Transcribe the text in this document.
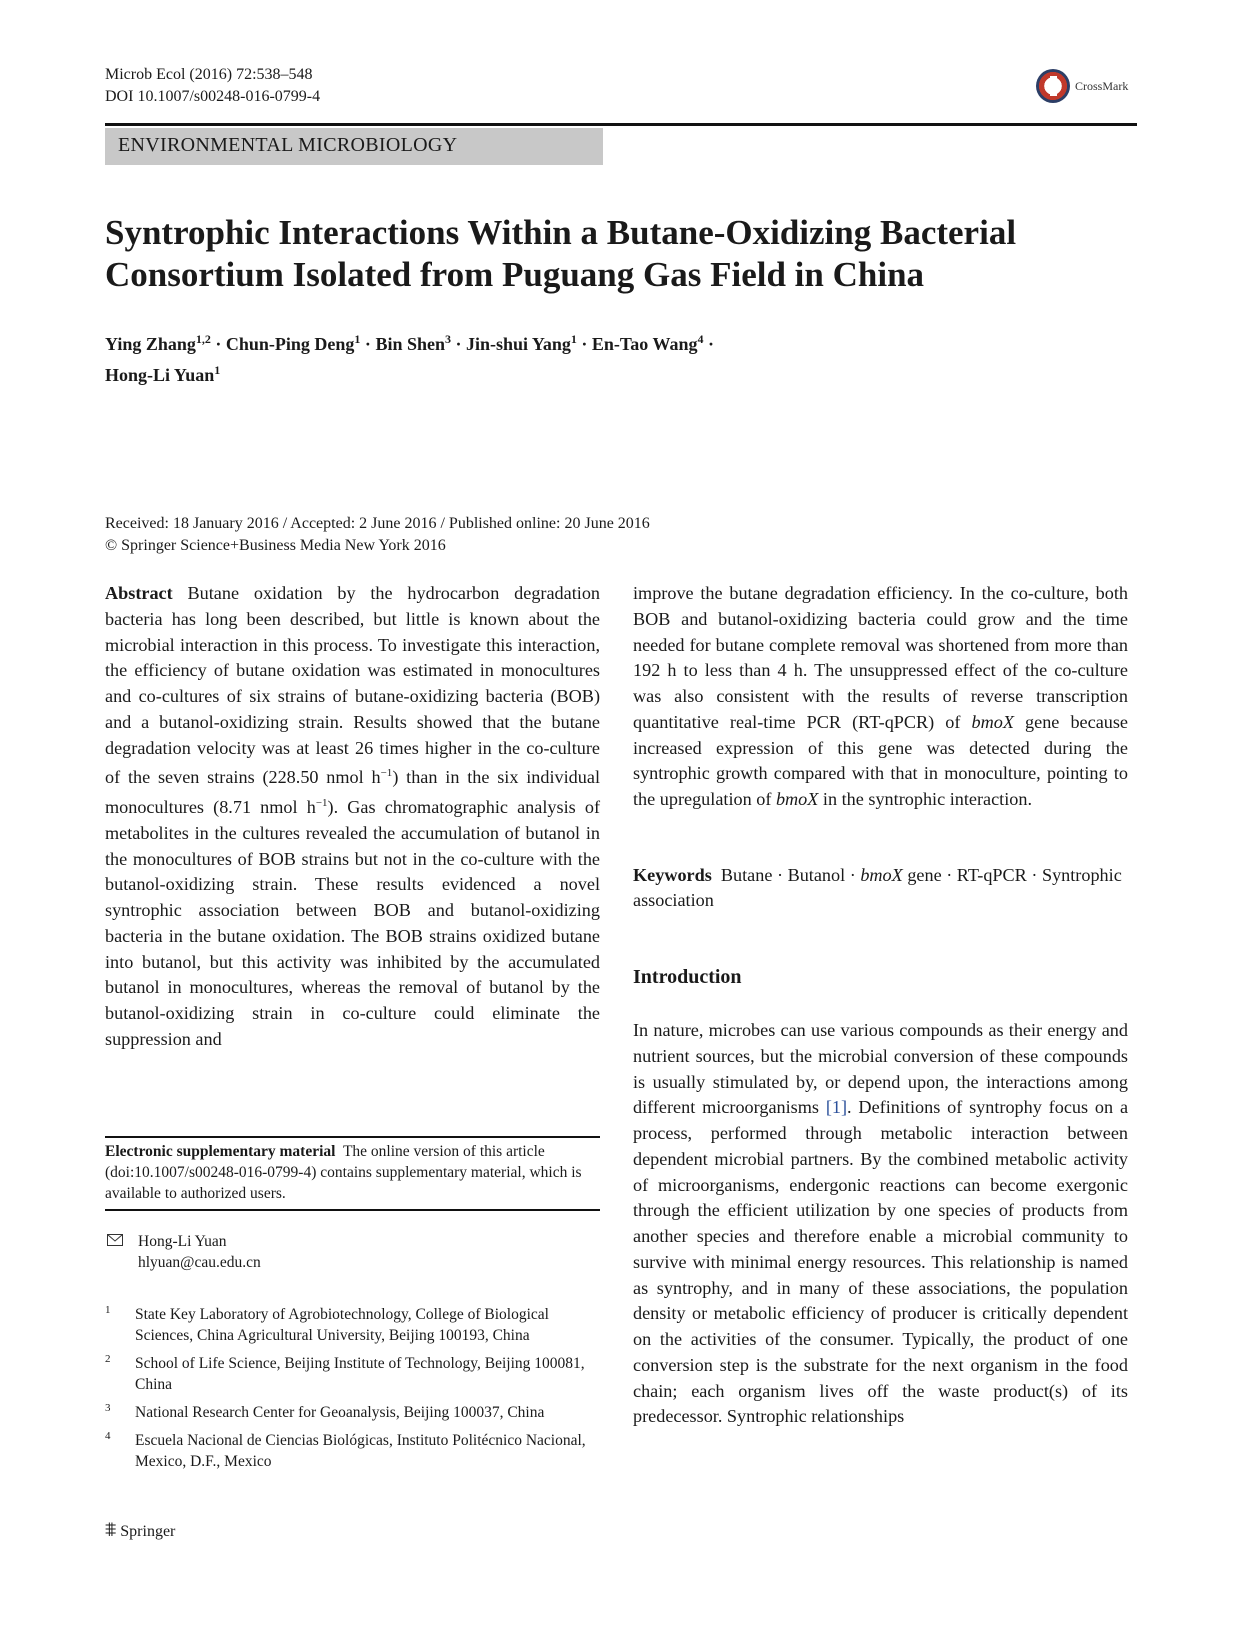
Microb Ecol (2016) 72:538–548
DOI 10.1007/s00248-016-0799-4
CrossMark
ENVIRONMENTAL MICROBIOLOGY
Syntrophic Interactions Within a Butane-Oxidizing Bacterial
Consortium Isolated from Puguang Gas Field in China
Ying Zhang$^{1,2}$ · Chun-Ping Deng$^1$ · Bin Shen$^3$ · Jin-shui Yang$^1$ · En-Tao Wang$^4$ ·
Hong-Li Yuan$^1$
Received: 18 January 2016 / Accepted: 2 June 2016 / Published online: 20 June 2016
© Springer Science+Business Media New York 2016
Abstract Butane oxidation by the hydrocarbon degradation bacteria has long been described, but little is known about the microbial interaction in this process. To investigate this interaction, the efficiency of butane oxidation was estimated in monocultures and co-cultures of six strains of butane-oxidizing bacteria (BOB) and a butanol-oxidizing strain. Results showed that the butane degradation velocity was at least 26 times higher in the co-culture of the seven strains (228.50 nmol $h^{-1}$) than in the six individual monocultures (8.71 nmol $h^{-1}$). Gas chromatographic analysis of metabolites in the cultures revealed the accumulation of butanol in the monocultures of BOB strains but not in the co-culture with the butanol-oxidizing strain. These results evidenced a novel syntrophic association between BOB and butanol-oxidizing bacteria in the butane oxidation. The BOB strains oxidized butane into butanol, but this activity was inhibited by the accumulated butanol in monocultures, whereas the removal of butanol by the butanol-oxidizing strain in co-culture could eliminate the suppression and
improve the butane degradation efficiency. In the co-culture, both BOB and butanol-oxidizing bacteria could grow and the time needed for butane complete removal was shortened from more than 192 h to less than 4 h. The unsuppressed effect of the co-culture was also consistent with the results of reverse transcription quantitative real-time PCR (RT-qPCR) of bmoX gene because increased expression of this gene was detected during the syntrophic growth compared with that in monoculture, pointing to the upregulation of bmoX in the syntrophic interaction.
Keywords Butane · Butanol · bmoX gene · RT-qPCR · Syntrophic association
Introduction
In nature, microbes can use various compounds as their energy and nutrient sources, but the microbial conversion of these compounds is usually stimulated by, or depend upon, the interactions among different microorganisms [1]. Definitions of syntrophy focus on a process, performed through metabolic interaction between dependent microbial partners. By the combined metabolic activity of microorganisms, endergonic reactions can become exergonic through the efficient utilization by one species of products from another species and therefore enable a microbial community to survive with minimal energy resources. This relationship is named as syntrophy, and in many of these associations, the population density or metabolic efficiency of producer is critically dependent on the activities of the consumer. Typically, the product of one conversion step is the substrate for the next organism in the food chain; each organism lives off the waste product(s) of its predecessor. Syntrophic relationships
Electronic supplementary material The online version of this article (doi:10.1007/s00248-016-0799-4) contains supplementary material, which is available to authorized users.
Hong-Li Yuan
hlyuan@cau.edu.cn
1 State Key Laboratory of Agrobiotechnology, College of Biological Sciences, China Agricultural University, Beijing 100193, China
2 School of Life Science, Beijing Institute of Technology, Beijing 100081, China
3 National Research Center for Geoanalysis, Beijing 100037, China
4 Escuela Nacional de Ciencias Biológicas, Instituto Politécnico Nacional, Mexico, D.F., Mexico
⩨ Springer
